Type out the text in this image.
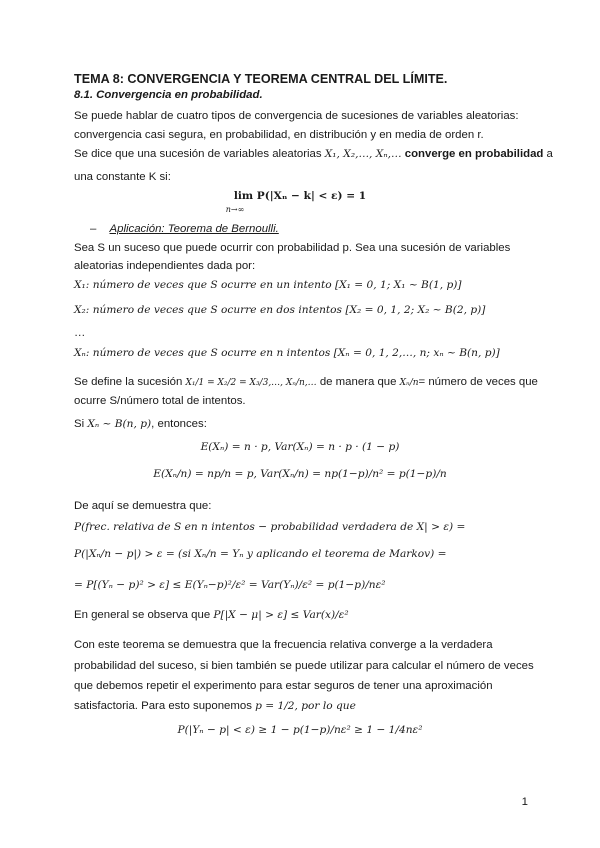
TEMA 8: CONVERGENCIA Y TEOREMA CENTRAL DEL LÍMITE.
8.1. Convergencia en probabilidad.
Se puede hablar de cuatro tipos de convergencia de sucesiones de variables aleatorias:
convergencia casi segura, en probabilidad, en distribución y en media de orden r.
Se dice que una sucesión de variables aleatorias X₁, X₂,…, Xₙ,… converge en probabilidad a
una constante K si:
lim P(|Xₙ − k| < ε) = 1
n→∞
– Aplicación: Teorema de Bernoulli.
Sea S un suceso que puede ocurrir con probabilidad p. Sea una sucesión de variables
aleatorias independientes dada por:
X₁: número de veces que S ocurre en un intento [X₁ = 0, 1; X₁ ~ B(1, p)]
X₂: número de veces que S ocurre en dos intentos [X₂ = 0, 1, 2; X₂ ~ B(2, p)]
…
Xₙ: número de veces que S ocurre en n intentos [Xₙ = 0, 1, 2,…, n; xₙ ~ B(n, p)]
Se define la sucesión X₁/1 = X₂/2 = X₃/3,…, Xₙ/n,… de manera que Xₙ/n= número de veces que
ocurre S/número total de intentos.
Si Xₙ ~ B(n, p), entonces:
E(Xₙ) = n · p, Var(Xₙ) = n · p · (1 − p)
E(Xₙ/n) = np/n = p, Var(Xₙ/n) = np(1−p)/n² = p(1−p)/n
De aquí se demuestra que:
P(frec. relativa de S en n intentos − probabilidad verdadera de X| > ε) =
P(|Xₙ/n − p|) > ε = (si Xₙ/n = Yₙ y aplicando el teorema de Markov) =
= P[(Yₙ − p)² > ε] ≤ E(Yₙ−p)²/ε² = Var(Yₙ)/ε² = p(1−p)/nε²
En general se observa que P[|X − μ| > ε] ≤ Var(x)/ε²
Con este teorema se demuestra que la frecuencia relativa converge a la verdadera
probabilidad del suceso, si bien también se puede utilizar para calcular el número de veces
que debemos repetir el experimento para estar seguros de tener una aproximación
satisfactoria. Para esto suponemos p = 1/2, por lo que
P(|Yₙ − p| < ε) ≥ 1 − p(1−p)/nε² ≥ 1 − 1/4nε²
1
